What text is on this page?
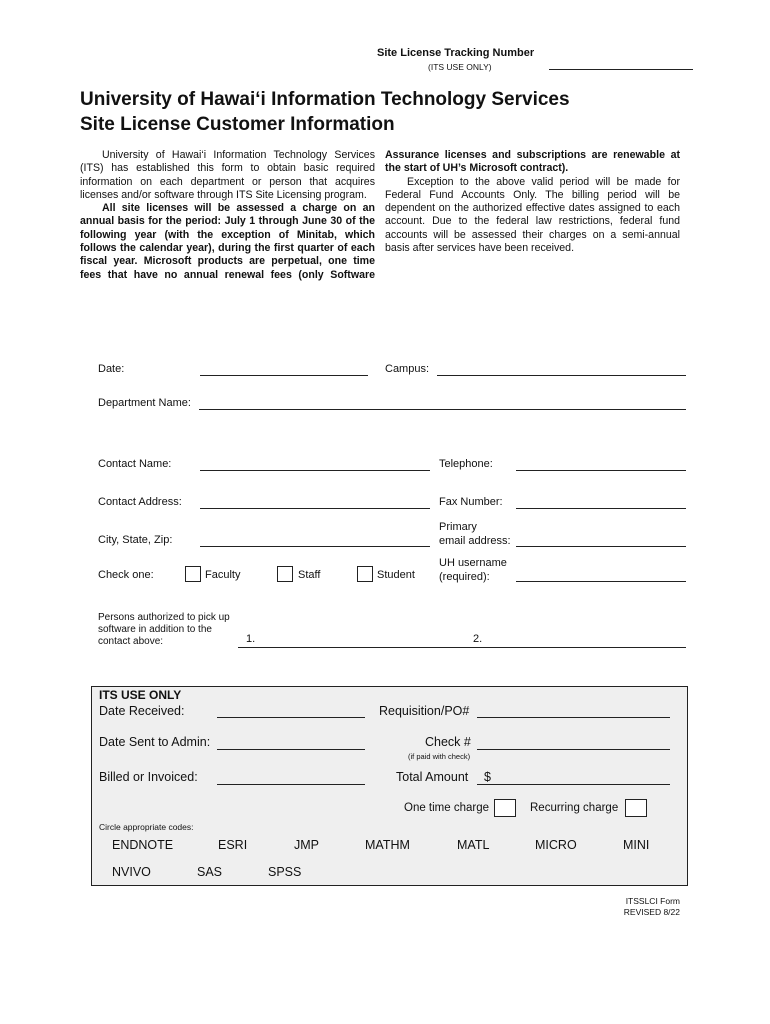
Site License Tracking Number
(ITS USE ONLY)
University of Hawai‘i Information Technology Services
Site License Customer Information

University of Hawai‘i Information Technology Services (ITS) has established this form to obtain basic required information on each department or person that acquires licenses and/or software through ITS Site Licensing program.

All site licenses will be assessed a charge on an annual basis for the period: July 1 through June 30 of the following year (with the exception of Minitab, which follows the calendar year), during the first quarter of each fiscal year. Microsoft products are perpetual, one time fees that have no annual renewal fees (only Software Assurance licenses and subscriptions are renewable at the start of UH’s Microsoft contract).

Exception to the above valid period will be made for Federal Fund Accounts Only. The billing period will be dependent on the authorized effective dates assigned to each account. Due to the federal law restrictions, federal fund accounts will be assessed their charges on a semi-annual basis after services have been received.

Date:	Campus:
Department Name:
Contact Name:	Telephone:
Contact Address:	Fax Number:
City, State, Zip:
Primary
email address:
Check one:	Faculty	Staff	Student
UH username
(required):
Persons authorized to pick up
software in addition to the
contact above:	1.	2.
ITS USE ONLY
Date Received:	Requisition/PO#
Date Sent to Admin:	Check #
(if paid with check)
Billed or Invoiced:	Total Amount $
One time charge	Recurring charge
Circle appropriate codes:
ENDNOTE	ESRI	JMP	MATHM	MATL	MICRO	MINI
NVIVO	SAS	SPSS
ITSSLCI Form
REVISED 8/22
